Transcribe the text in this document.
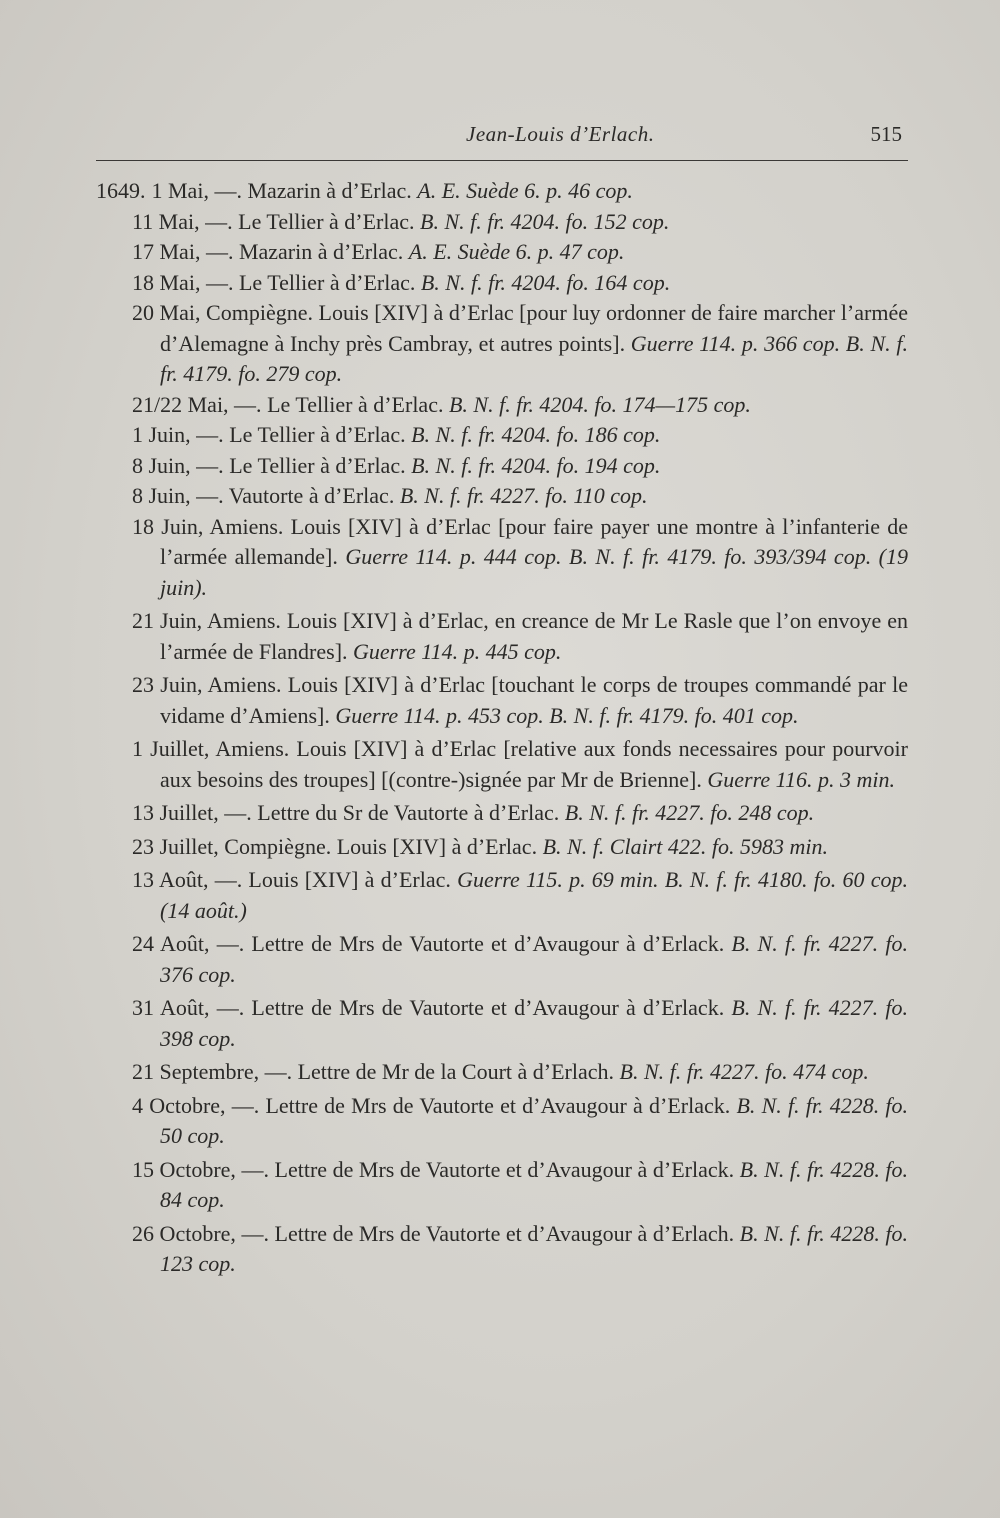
Jean-Louis d’Erlach.	515
1649. 1 Mai, —. Mazarin à d’Erlac. A. E. Suède 6. p. 46 cop.
11 Mai, —. Le Tellier à d’Erlac. B. N. f. fr. 4204. fo. 152 cop.
17 Mai, —. Mazarin à d’Erlac. A. E. Suède 6. p. 47 cop.
18 Mai, —. Le Tellier à d’Erlac. B. N. f. fr. 4204. fo. 164 cop.
20 Mai, Compiègne. Louis [XIV] à d’Erlac [pour luy ordonner de faire marcher l’armée d’Alemagne à Inchy près Cambray, et autres points]. Guerre 114. p. 366 cop. B. N. f. fr. 4179. fo. 279 cop.
21/22 Mai, —. Le Tellier à d’Erlac. B. N. f. fr. 4204. fo. 174—175 cop.
1 Juin, —. Le Tellier à d’Erlac. B. N. f. fr. 4204. fo. 186 cop.
8 Juin, —. Le Tellier à d’Erlac. B. N. f. fr. 4204. fo. 194 cop.
8 Juin, —. Vautorte à d’Erlac. B. N. f. fr. 4227. fo. 110 cop.
18 Juin, Amiens. Louis [XIV] à d’Erlac [pour faire payer une montre à l’infanterie de l’armée allemande]. Guerre 114. p. 444 cop. B. N. f. fr. 4179. fo. 393/394 cop. (19 juin).
21 Juin, Amiens. Louis [XIV] à d’Erlac, en creance de Mr Le Rasle que l’on envoye en l’armée de Flandres]. Guerre 114. p. 445 cop.
23 Juin, Amiens. Louis [XIV] à d’Erlac [touchant le corps de troupes commandé par le vidame d’Amiens]. Guerre 114. p. 453 cop. B. N. f. fr. 4179. fo. 401 cop.
1 Juillet, Amiens. Louis [XIV] à d’Erlac [relative aux fonds necessaires pour pourvoir aux besoins des troupes] [(contre-)signée par Mr de Brienne]. Guerre 116. p. 3 min.
13 Juillet, —. Lettre du Sr de Vautorte à d’Erlac. B. N. f. fr. 4227. fo. 248 cop.
23 Juillet, Compiègne. Louis [XIV] à d’Erlac. B. N. f. Clairt 422. fo. 5983 min.
13 Août, —. Louis [XIV] à d’Erlac. Guerre 115. p. 69 min. B. N. f. fr. 4180. fo. 60 cop. (14 août.)
24 Août, —. Lettre de Mrs de Vautorte et d’Avaugour à d’Erlack. B. N. f. fr. 4227. fo. 376 cop.
31 Août, —. Lettre de Mrs de Vautorte et d’Avaugour à d’Erlack. B. N. f. fr. 4227. fo. 398 cop.
21 Septembre, —. Lettre de Mr de la Court à d’Erlach. B. N. f. fr. 4227. fo. 474 cop.
4 Octobre, —. Lettre de Mrs de Vautorte et d’Avaugour à d’Erlack. B. N. f. fr. 4228. fo. 50 cop.
15 Octobre, —. Lettre de Mrs de Vautorte et d’Avaugour à d’Erlack. B. N. f. fr. 4228. fo. 84 cop.
26 Octobre, —. Lettre de Mrs de Vautorte et d’Avaugour à d’Erlach. B. N. f. fr. 4228. fo. 123 cop.
